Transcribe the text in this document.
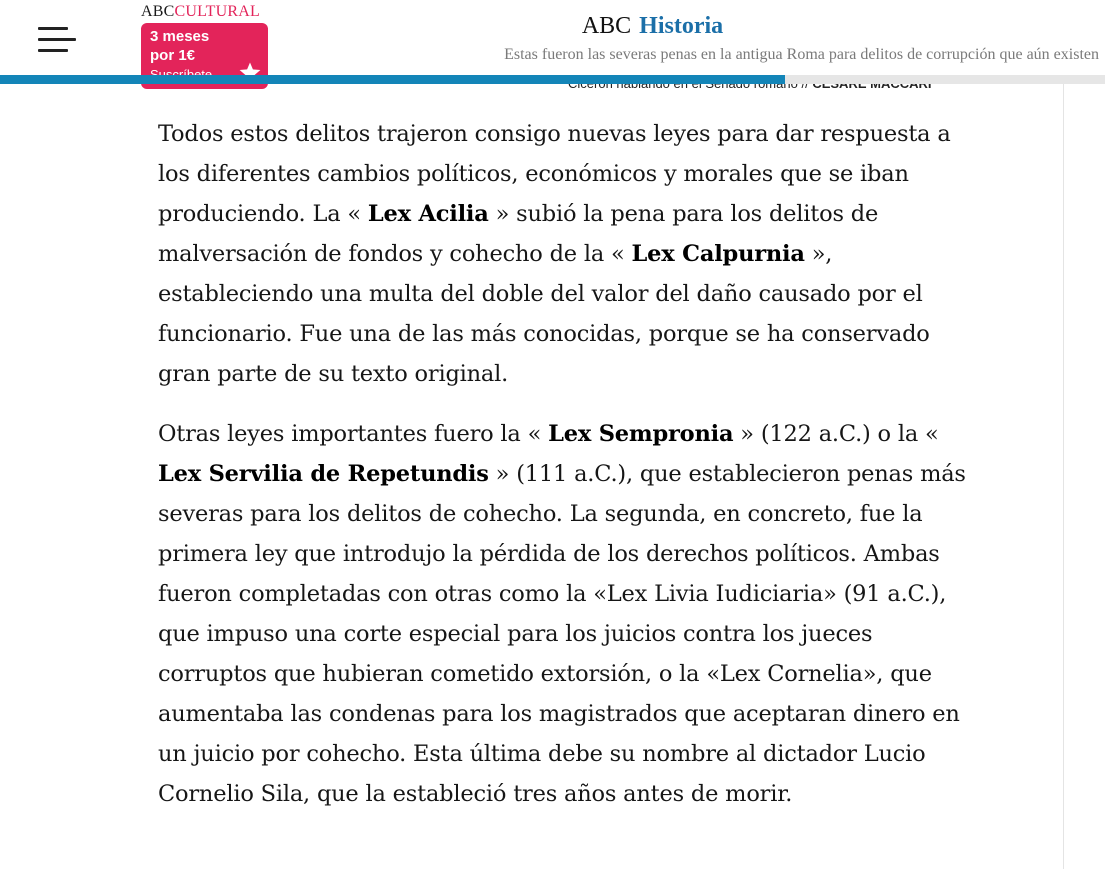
ABCCULTURAL
3 meses
por 1€
ABC Historia
Estas fueron las severas penas en la antigua Roma para delitos de corrupción que aún existen

Todos estos delitos trajeron consigo nuevas leyes para dar respuesta a los diferentes cambios políticos, económicos y morales que se iban produciendo. La « Lex Acilia » subió la pena para los delitos de malversación de fondos y cohecho de la « Lex Calpurnia », estableciendo una multa del doble del valor del daño causado por el funcionario. Fue una de las más conocidas, porque se ha conservado gran parte de su texto original.

Otras leyes importantes fuero la « Lex Sempronia » (122 a.C.) o la « Lex Servilia de Repetundis » (111 a.C.), que establecieron penas más severas para los delitos de cohecho. La segunda, en concreto, fue la primera ley que introdujo la pérdida de los derechos políticos. Ambas fueron completadas con otras como la «Lex Livia Iudiciaria» (91 a.C.), que impuso una corte especial para los juicios contra los jueces corruptos que hubieran cometido extorsión, o la «Lex Cornelia», que aumentaba las condenas para los magistrados que aceptaran dinero en un juicio por cohecho. Esta última debe su nombre al dictador Lucio Cornelio Sila, que la estableció tres años antes de morir.
